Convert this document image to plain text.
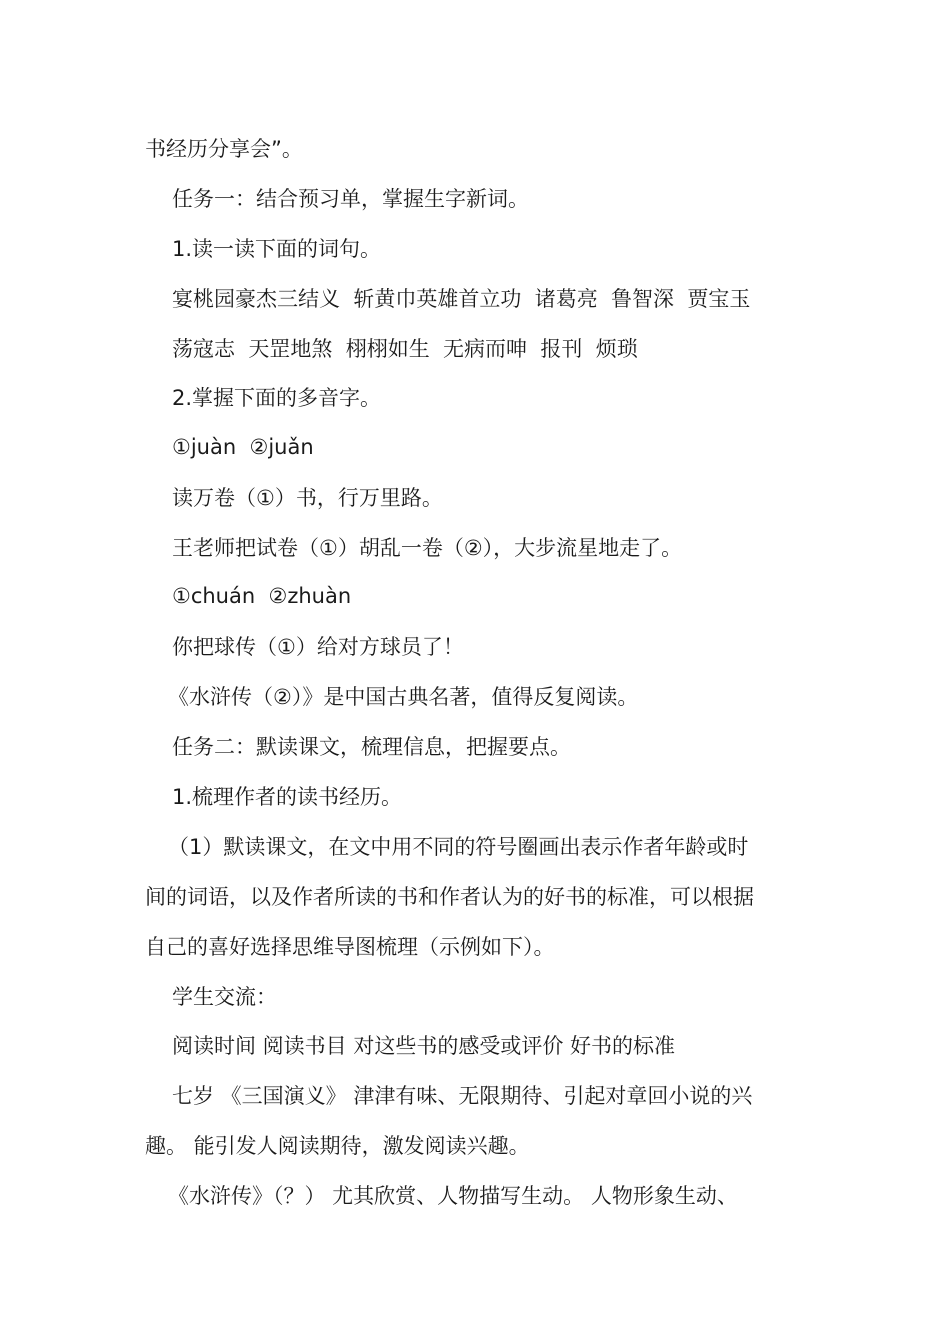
书经历分享会”。
任务一：结合预习单，掌握生字新词。
1.读一读下面的词句。
宴桃园豪杰三结义  斩黄巾英雄首立功  诸葛亮  鲁智深  贾宝玉
荡寇志  天罡地煞  栩栩如生  无病而呻  报刊  烦琐
2.掌握下面的多音字。
①juàn  ②juǎn
读万卷（①）书，行万里路。
王老师把试卷（①）胡乱一卷（②），大步流星地走了。
①chuán  ②zhuàn
你把球传（①）给对方球员了！
《水浒传（②）》是中国古典名著，值得反复阅读。
任务二：默读课文，梳理信息，把握要点。
1.梳理作者的读书经历。
（1）默读课文，在文中用不同的符号圈画出表示作者年龄或时
间的词语，以及作者所读的书和作者认为的好书的标准，可以根据
自己的喜好选择思维导图梳理（示例如下）。
学生交流：
阅读时间 阅读书目 对这些书的感受或评价 好书的标准
七岁 《三国演义》 津津有味、无限期待、引起对章回小说的兴
趣。 能引发人阅读期待，激发阅读兴趣。
《水浒传》（？） 尤其欣赏、人物描写生动。 人物形象生动、
